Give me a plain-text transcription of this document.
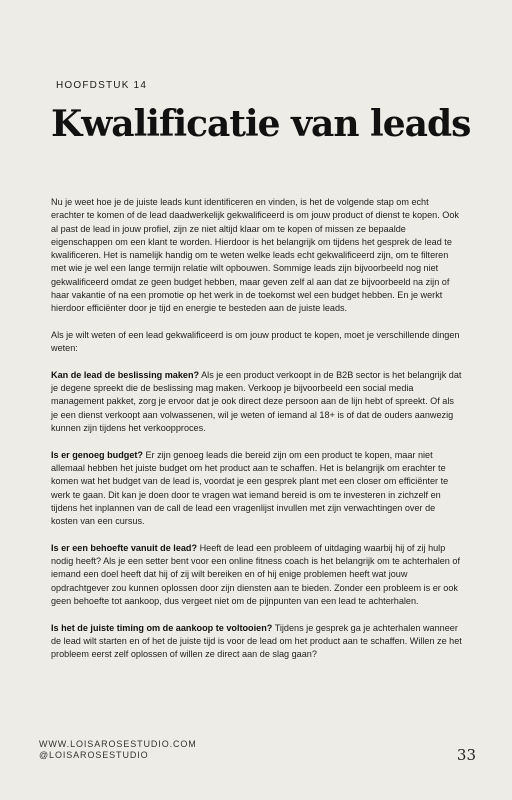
HOOFDSTUK 14
Kwalificatie van leads

Nu je weet hoe je de juiste leads kunt identificeren en vinden, is het de volgende stap om echt erachter te komen of de lead daadwerkelijk gekwalificeerd is om jouw product of dienst te kopen. Ook al past de lead in jouw profiel, zijn ze niet altijd klaar om te kopen of missen ze bepaalde eigenschappen om een klant te worden. Hierdoor is het belangrijk om tijdens het gesprek de lead te kwalificeren. Het is namelijk handig om te weten welke leads echt gekwalificeerd zijn, om te filteren met wie je wel een lange termijn relatie wilt opbouwen. Sommige leads zijn bijvoorbeeld nog niet gekwalificeerd omdat ze geen budget hebben, maar geven zelf al aan dat ze bijvoorbeeld na zijn of haar vakantie of na een promotie op het werk in de toekomst wel een budget hebben. En je werkt hierdoor efficiënter door je tijd en energie te besteden aan de juiste leads.

Als je wilt weten of een lead gekwalificeerd is om jouw product te kopen, moet je verschillende dingen weten:

Kan de lead de beslissing maken? Als je een product verkoopt in de B2B sector is het belangrijk dat je degene spreekt die de beslissing mag maken. Verkoop je bijvoorbeeld een social media management pakket, zorg je ervoor dat je ook direct deze persoon aan de lijn hebt of spreekt. Of als je een dienst verkoopt aan volwassenen, wil je weten of iemand al 18+ is of dat de ouders aanwezig kunnen zijn tijdens het verkoopproces.

Is er genoeg budget? Er zijn genoeg leads die bereid zijn om een product te kopen, maar niet allemaal hebben het juiste budget om het product aan te schaffen. Het is belangrijk om erachter te komen wat het budget van de lead is, voordat je een gesprek plant met een closer om efficiënter te werk te gaan. Dit kan je doen door te vragen wat iemand bereid is om te investeren in zichzelf en tijdens het inplannen van de call de lead een vragenlijst invullen met zijn verwachtingen over de kosten van een cursus.

Is er een behoefte vanuit de lead? Heeft de lead een probleem of uitdaging waarbij hij of zij hulp nodig heeft? Als je een setter bent voor een online fitness coach is het belangrijk om te achterhalen of iemand een doel heeft dat hij of zij wilt bereiken en of hij enige problemen heeft wat jouw opdrachtgever zou kunnen oplossen door zijn diensten aan te bieden. Zonder een probleem is er ook geen behoefte tot aankoop, dus vergeet niet om de pijnpunten van een lead te achterhalen.

Is het de juiste timing om de aankoop te voltooien? Tijdens je gesprek ga je achterhalen wanneer de lead wilt starten en of het de juiste tijd is voor de lead om het product aan te schaffen. Willen ze het probleem eerst zelf oplossen of willen ze direct aan de slag gaan?

WWW.LOISAROSESTUDIO.COM
@LOISAROSESTUDIO	33
